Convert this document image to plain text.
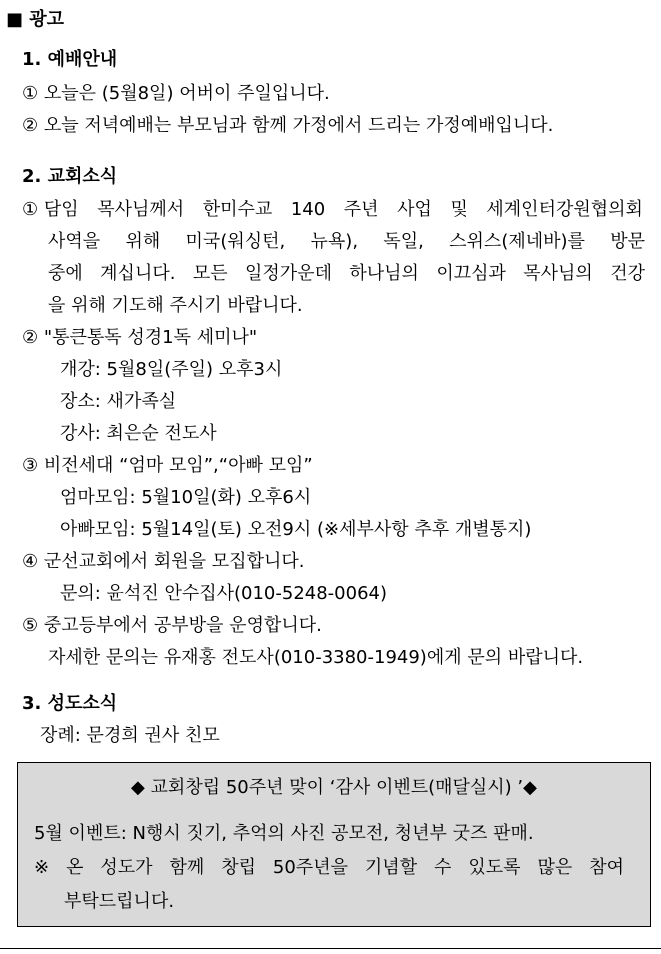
■ 광고
1. 예배안내
① 오늘은 (5월8일) 어버이 주일입니다.
② 오늘 저녁예배는 부모님과 함께 가정에서 드리는 가정예배입니다.
2. 교회소식
① 담임 목사님께서 한미수교 140 주년 사업 및 세계인터강원협의회
사역을 위해 미국(워싱턴, 뉴욕), 독일, 스위스(제네바)를 방문
중에 계십니다. 모든 일정가운데 하나님의 이끄심과 목사님의 건강
을 위해 기도해 주시기 바랍니다.
② "통큰통독 성경1독 세미나"
개강: 5월8일(주일) 오후3시
장소: 새가족실
강사: 최은순 전도사
③ 비전세대 “엄마 모임”,“아빠 모임”
엄마모임: 5월10일(화) 오후6시
아빠모임: 5월14일(토) 오전9시 (※세부사항 추후 개별통지)
④ 군선교회에서 회원을 모집합니다.
문의: 윤석진 안수집사(010-5248-0064)
⑤ 중고등부에서 공부방을 운영합니다.
자세한 문의는 유재홍 전도사(010-3380-1949)에게 문의 바랍니다.
3. 성도소식
장례: 문경희 권사 친모
◆ 교회창립 50주년 맞이 ‘감사 이벤트(매달실시) ’◆
5월 이벤트: N행시 짓기, 추억의 사진 공모전, 청년부 굿즈 판매.
※ 온 성도가 함께 창립 50주년을 기념할 수 있도록 많은 참여
부탁드립니다.
